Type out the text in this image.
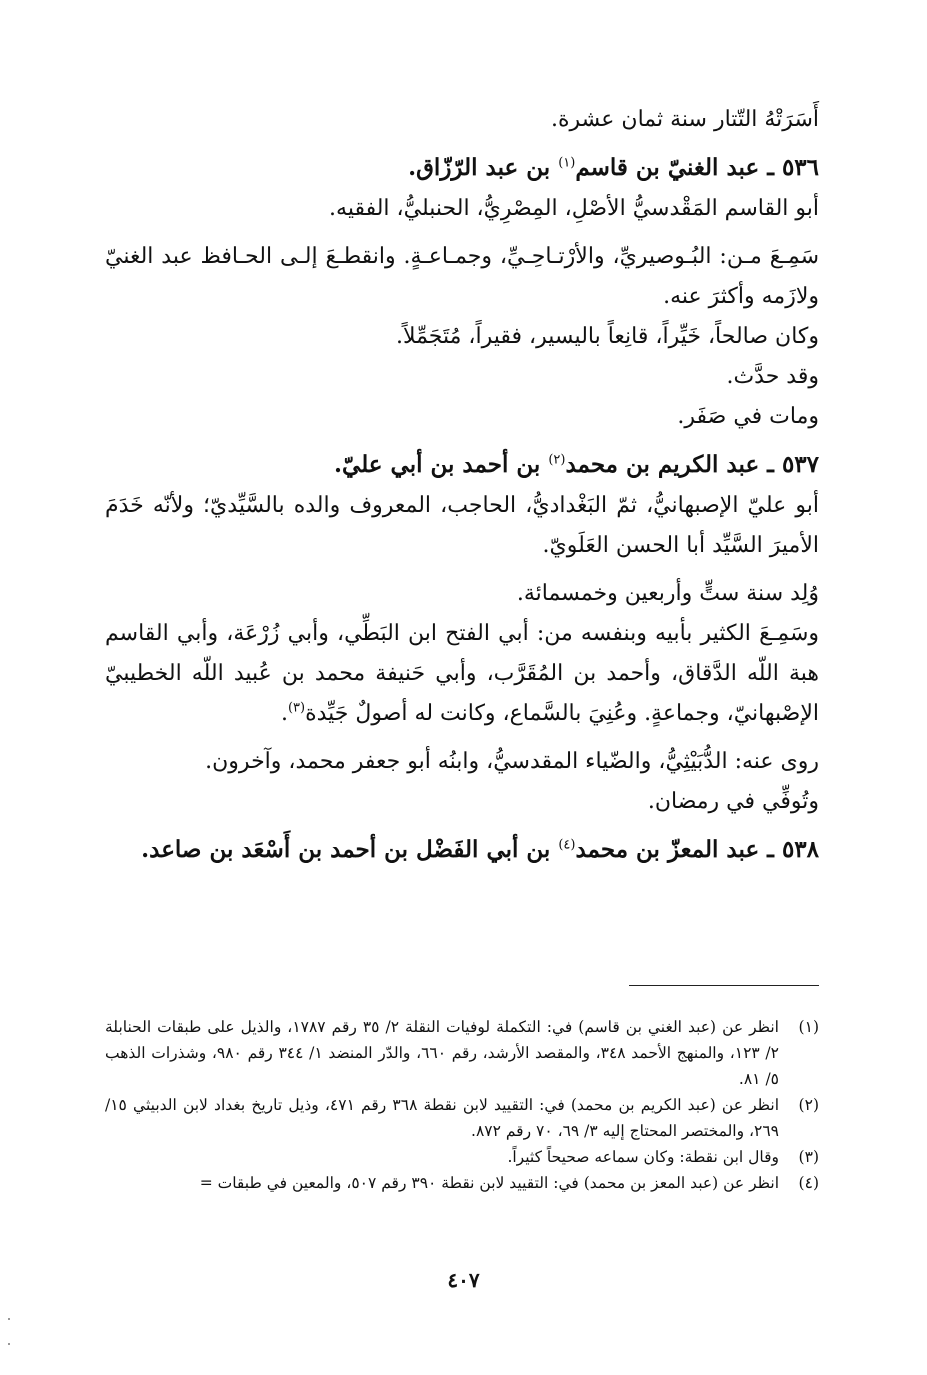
أَسَرَتْهُ التّتار سنة ثمان عشرة.

٥٣٦ ـ عبد الغنيّ بن قاسم$^{(١)}$ بن عبد الرّزّاق.

أبو القاسم المَقْدسيُّ الأصْلِ، المِصْرِيُّ، الحنبليُّ، الفقيه.

سَمِـعَ مـن: البُـوصيريِّ، والأرْتـاحِـيِّ، وجمـاعـةٍ. وانقطـعَ إلـى الحـافظ عبد الغنيّ ولازَمه وأكثرَ عنه.

وكان صالحاً، خَيِّراً، قانِعاً باليسير، فقيراً، مُتَجَمِّلاً.

وقد حدَّث.

ومات في صَفَر.

٥٣٧ ـ عبد الكريم بن محمد$^{(٢)}$ بن أحمد بن أبي عليّ.

أبو عليّ الإصبهانيُّ، ثمّ البَغْداديُّ، الحاجب، المعروف والده بالسَّيِّديّ؛ ولأنّه خَدَمَ الأميرَ السَّيِّد أبا الحسن العَلَويّ.

وُلِد سنة ستٍّ وأربعين وخمسمائة.

وسَمِـعَ الكثير بأبيه وبنفسه من: أبي الفتح ابن البَطِّي، وأبي زُرْعَة، وأبي القاسم هبة اللّه الدَّقاق، وأحمد بن المُقَرَّب، وأبي حَنيفة محمد بن عُبيد اللّه الخطيبيّ الإصْبهانيّ، وجماعةٍ. وعُنِيَ بالسَّماع، وكانت له أصولٌ جَيِّدة$^{(٣)}$.

روى عنه: الدُّبَيْثِيُّ، والضّياء المقدسيُّ، وابنُه أبو جعفر محمد، وآخرون.

وتُوفِّي في رمضان.

٥٣٨ ـ عبد المعزّ بن محمد$^{(٤)}$ بن أبي الفَضْل بن أحمد بن أَسْعَد بن صاعد.

(١)
انظر عن (عبد الغني بن قاسم) في: التكملة لوفيات النقلة ٢/ ٣٥ رقم ١٧٨٧، والذيل على طبقات الحنابلة ٢/ ١٢٣، والمنهج الأحمد ٣٤٨، والمقصد الأرشد، رقم ٦٦٠، والدّر المنضد ١/ ٣٤٤ رقم ٩٨٠، وشذرات الذهب ٥/ ٨١.
(٢)
انظر عن (عبد الكريم بن محمد) في: التقييد لابن نقطة ٣٦٨ رقم ٤٧١، وذيل تاريخ بغداد لابن الدبيثي ١٥/ ٢٦٩، والمختصر المحتاج إليه ٣/ ٦٩، ٧٠ رقم ٨٧٢.
(٣)
وقال ابن نقطة: وكان سماعه صحيحاً كثيراً.
(٤)
انظر عن (عبد المعز بن محمد) في: التقييد لابن نقطة ٣٩٠ رقم ٥٠٧، والمعين في طبقات =
٤٠٧
